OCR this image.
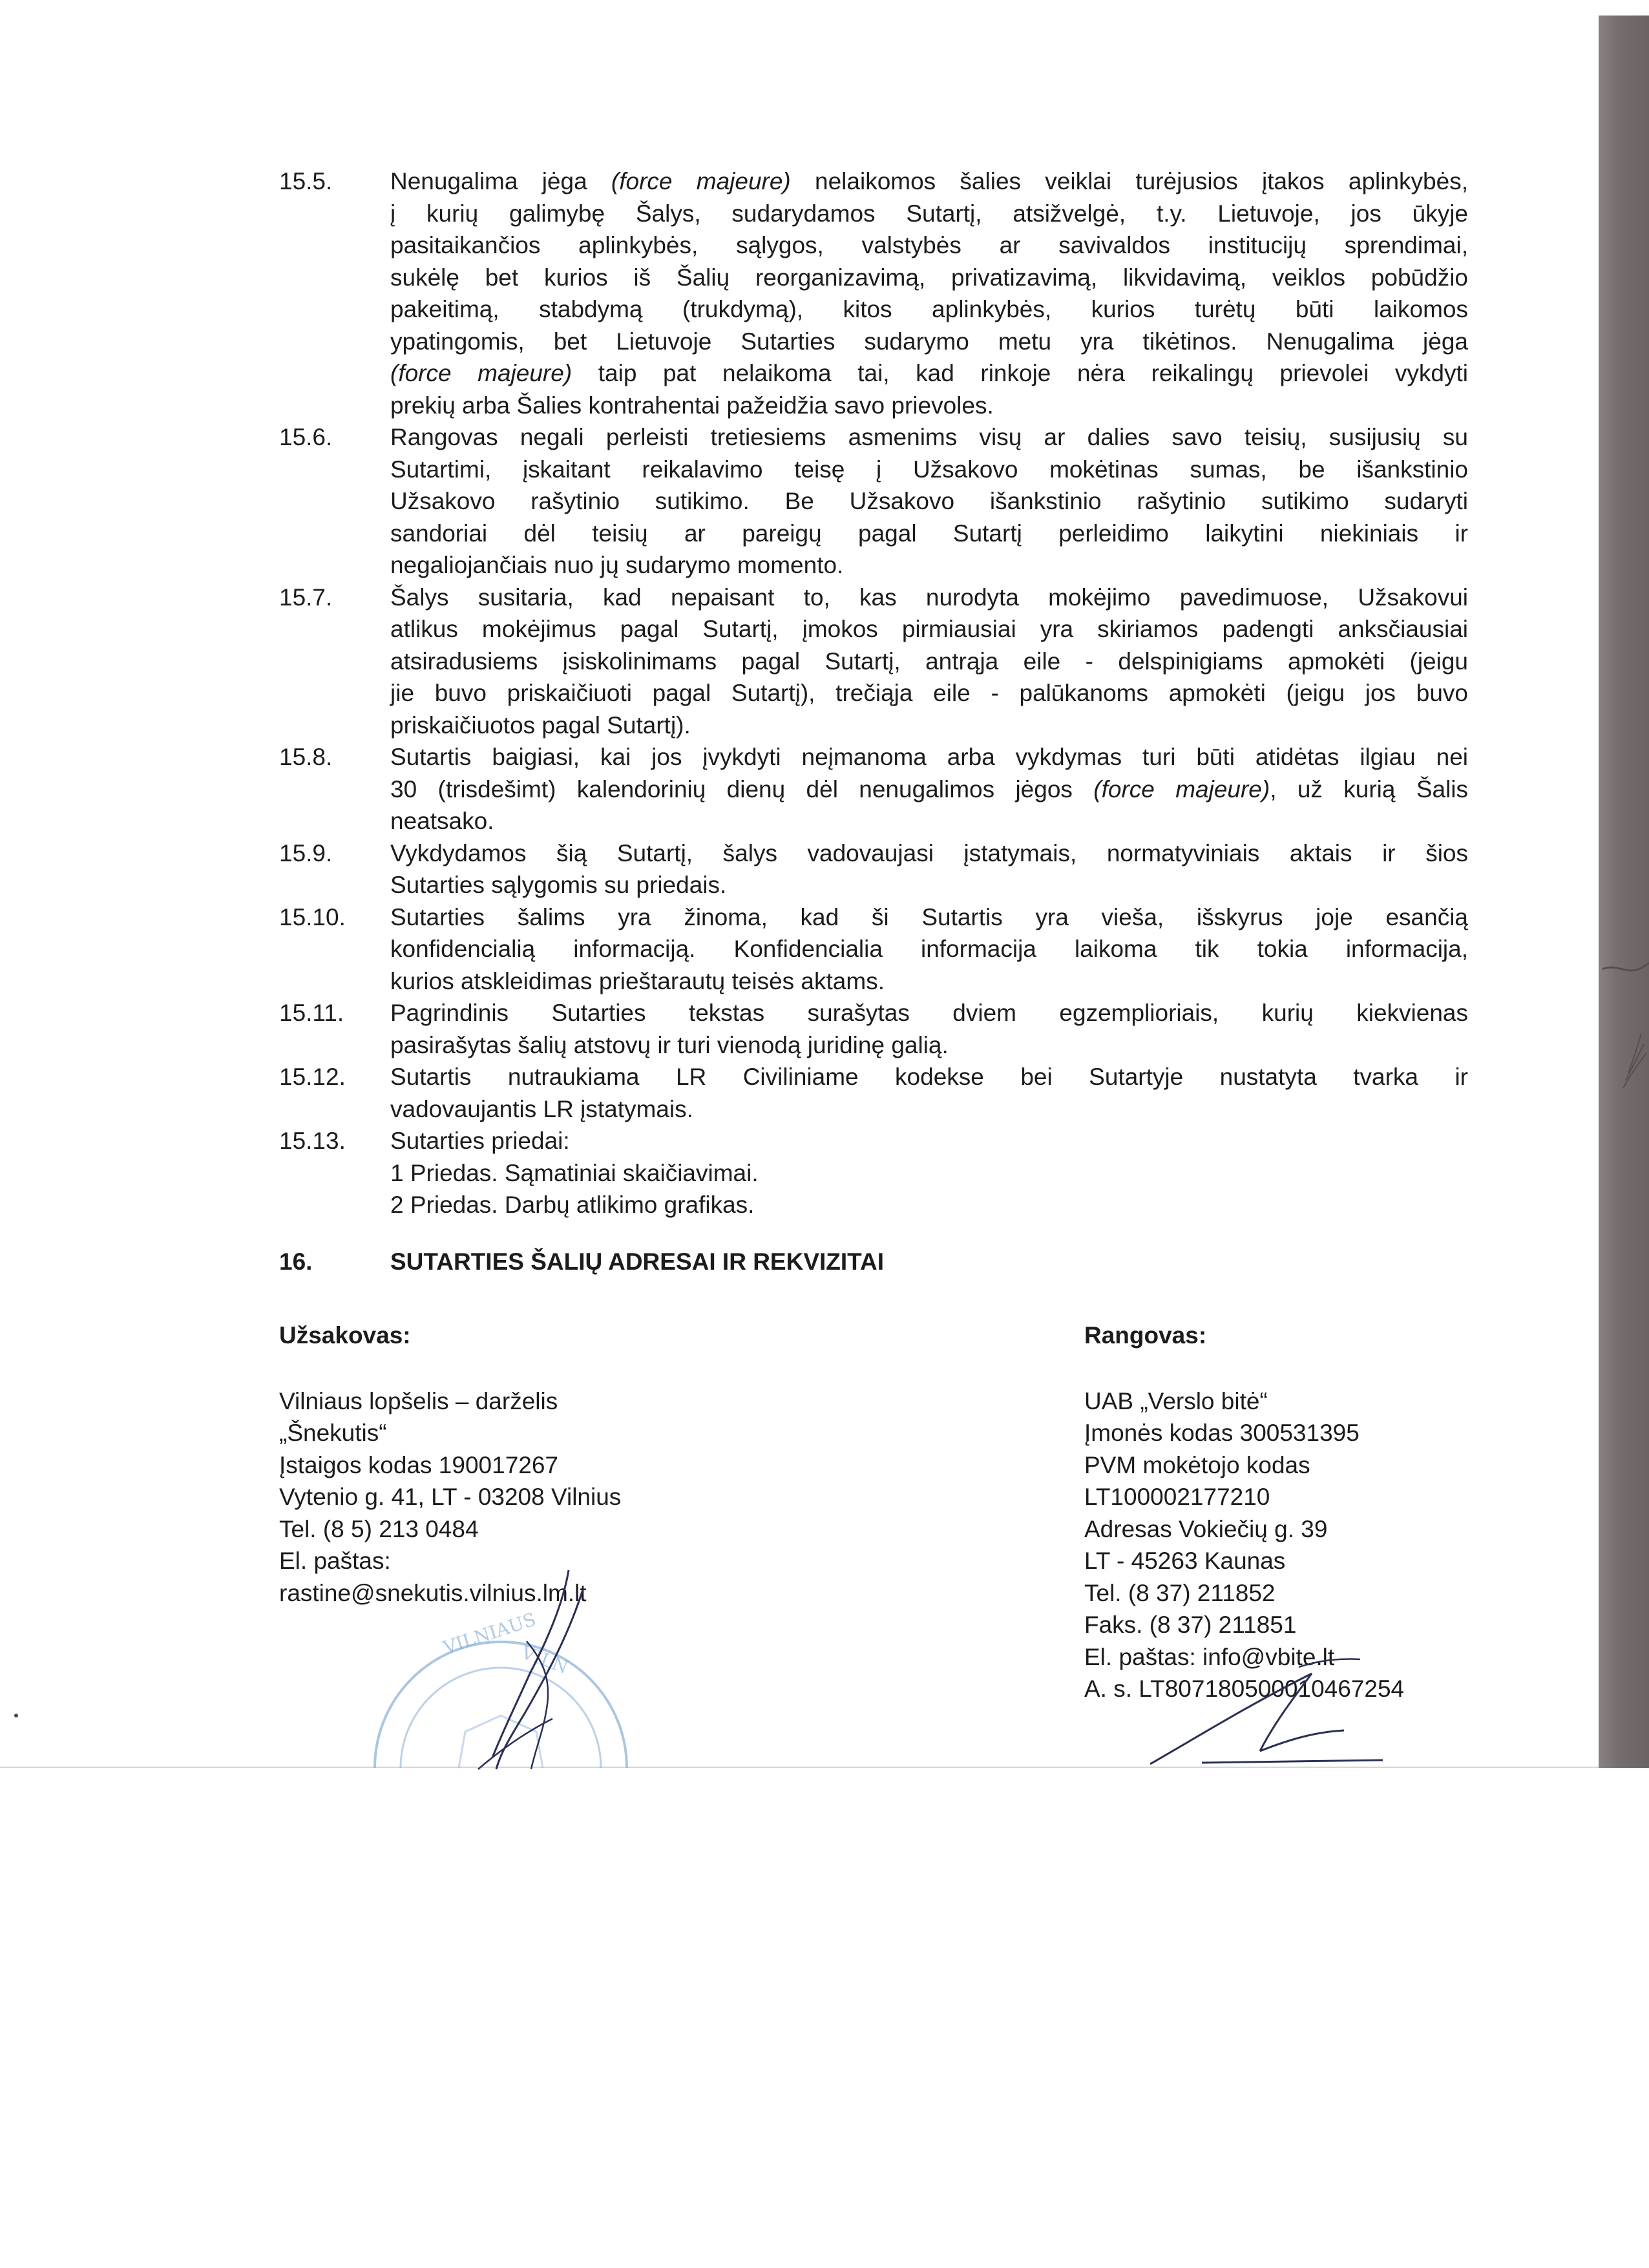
15.5. Nenugalima jėga (force majeure) nelaikomos šalies veiklai turėjusios įtakos aplinkybės,
į kurių galimybę Šalys, sudarydamos Sutartį, atsižvelgė, t.y. Lietuvoje, jos ūkyje
pasitaikančios aplinkybės, sąlygos, valstybės ar savivaldos institucijų sprendimai,
sukėlę bet kurios iš Šalių reorganizavimą, privatizavimą, likvidavimą, veiklos pobūdžio
pakeitimą, stabdymą (trukdymą), kitos aplinkybės, kurios turėtų būti laikomos
ypatingomis, bet Lietuvoje Sutarties sudarymo metu yra tikėtinos. Nenugalima jėga
(force majeure) taip pat nelaikoma tai, kad rinkoje nėra reikalingų prievolei vykdyti
prekių arba Šalies kontrahentai pažeidžia savo prievoles.
15.6. Rangovas negali perleisti tretiesiems asmenims visų ar dalies savo teisių, susijusių su
Sutartimi, įskaitant reikalavimo teisę į Užsakovo mokėtinas sumas, be išankstinio
Užsakovo rašytinio sutikimo. Be Užsakovo išankstinio rašytinio sutikimo sudaryti
sandoriai dėl teisių ar pareigų pagal Sutartį perleidimo laikytini niekiniais ir
negaliojančiais nuo jų sudarymo momento.
15.7. Šalys susitaria, kad nepaisant to, kas nurodyta mokėjimo pavedimuose, Užsakovui
atlikus mokėjimus pagal Sutartį, įmokos pirmiausiai yra skiriamos padengti anksčiausiai
atsiradusiems įsiskolinimams pagal Sutartį, antrąja eile - delspinigiams apmokėti (jeigu
jie buvo priskaičiuoti pagal Sutartį), trečiąja eile - palūkanoms apmokėti (jeigu jos buvo
priskaičiuotos pagal Sutartį).
15.8. Sutartis baigiasi, kai jos įvykdyti neįmanoma arba vykdymas turi būti atidėtas ilgiau nei
30 (trisdešimt) kalendorinių dienų dėl nenugalimos jėgos (force majeure), už kurią Šalis
neatsako.
15.9. Vykdydamos šią Sutartį, šalys vadovaujasi įstatymais, normatyviniais aktais ir šios
Sutarties sąlygomis su priedais.
15.10. Sutarties šalims yra žinoma, kad ši Sutartis yra vieša, išskyrus joje esančią
konfidencialią informaciją. Konfidencialia informacija laikoma tik tokia informacija,
kurios atskleidimas prieštarautų teisės aktams.
15.11. Pagrindinis Sutarties tekstas surašytas dviem egzemplioriais, kurių kiekvienas
pasirašytas šalių atstovų ir turi vienodą juridinę galią.
15.12. Sutartis nutraukiama LR Civiliniame kodekse bei Sutartyje nustatyta tvarka ir
vadovaujantis LR įstatymais.
15.13. Sutarties priedai:
1 Priedas. Sąmatiniai skaičiavimai.
2 Priedas. Darbų atlikimo grafikas.
16.	SUTARTIES ŠALIŲ ADRESAI IR REKVIZITAI
Užsakovas:
Vilniaus lopšelis – darželis
„Šnekutis“
Įstaigos kodas 190017267
Vytenio g. 41, LT - 03208 Vilnius
Tel. (8 5) 213 0484
El. paštas:
rastine@snekutis.vilnius.lm.lt
Rangovas:
UAB „Verslo bitė“
Įmonės kodas 300531395
PVM mokėtojo kodas
LT100002177210
Adresas Vokiečių g. 39
LT - 45263 Kaunas
Tel. (8 37) 211852
Faks. (8 37) 211851
El. paštas: info@vbite.lt
A. s. LT807180500010467254
VILNIAUS
VILN
